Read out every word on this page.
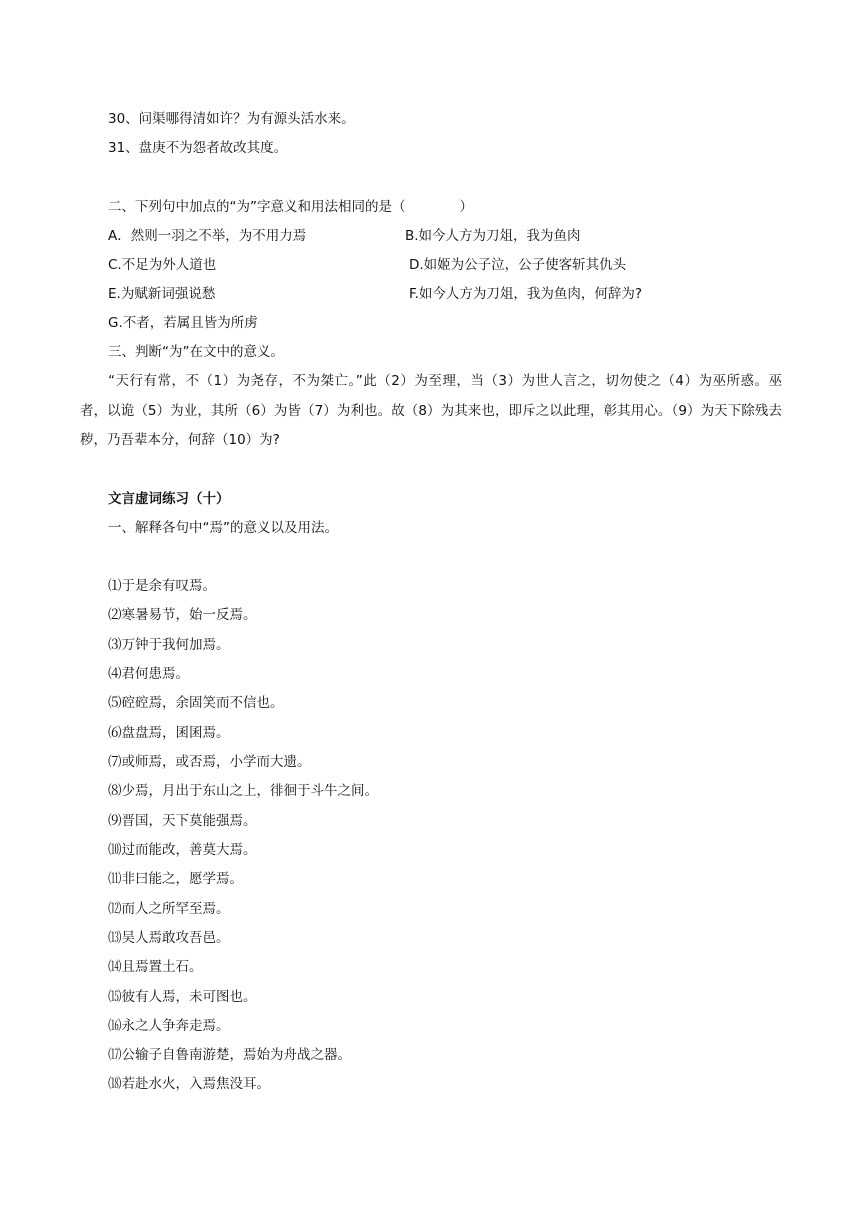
30、问渠哪得清如许？为有源头活水来。
31、盘庚不为怨者故改其度。
二、下列句中加点的“为”字意义和用法相同的是（　　　　）
A．然则一羽之不举，为不用力焉	B.如今人方为刀俎，我为鱼肉
C.不足为外人道也	D.如姬为公子泣，公子使客斩其仇头
E.为赋新词强说愁	F.如今人方为刀俎，我为鱼肉，何辞为?
G.不者，若属且皆为所虏
三、判断“为”在文中的意义。
“天行有常，不（1）为尧存，不为桀亡。”此（2）为至理，当（3）为世人言之，切勿使之（4）为巫所惑。巫者，以诡（5）为业，其所（6）为皆（7）为利也。故（8）为其来也，即斥之以此理，彰其用心。（9）为天下除残去秽，乃吾辈本分，何辞（10）为?
文言虚词练习（十）
一、解释各句中“焉”的意义以及用法。
⑴于是余有叹焉。
⑵寒暑易节，始一反焉。
⑶万钟于我何加焉。
⑷君何患焉。
⑸硿硿焉，余固笑而不信也。
⑹盘盘焉，囷囷焉。
⑺或师焉，或否焉，小学而大遗。
⑻少焉，月出于东山之上，徘徊于斗牛之间。
⑼晋国，天下莫能强焉。
⑽过而能改，善莫大焉。
⑾非曰能之，愿学焉。
⑿而人之所罕至焉。
⒀吴人焉敢攻吾邑。
⒁且焉置土石。
⒂彼有人焉，未可图也。
⒃永之人争奔走焉。
⒄公输子自鲁南游楚，焉始为舟战之器。
⒅若赴水火，入焉焦没耳。
